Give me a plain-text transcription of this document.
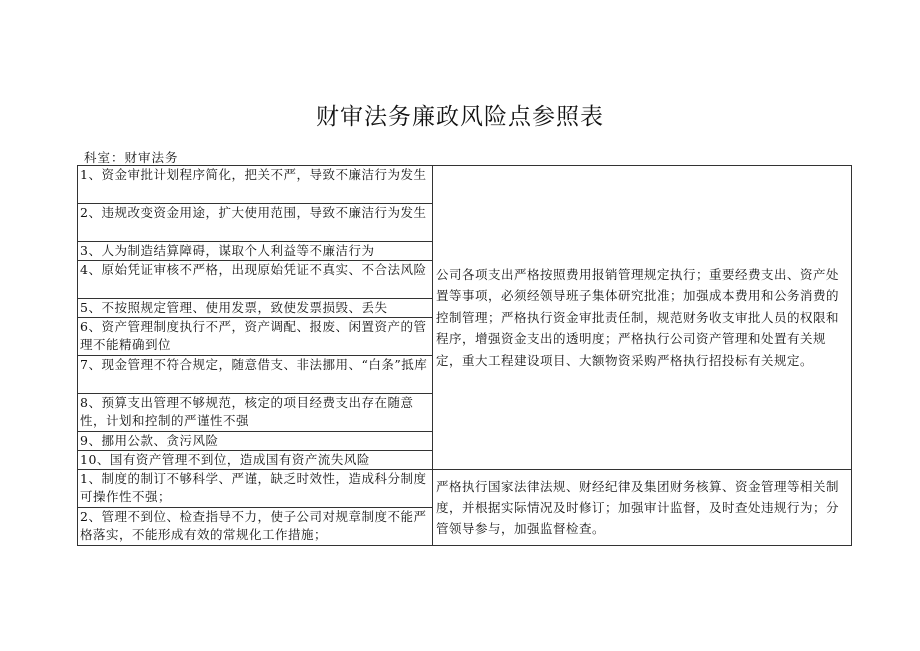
财审法务廉政风险点参照表
科室：财审法务
1、资金审批计划程序简化，把关不严，导致不廉洁行为发生	公司各项支出严格按照费用报销管理规定执行；重要经费支出、资产处置等事项，必须经领导班子集体研究批准；加强成本费用和公务消费的控制管理；严格执行资金审批责任制，规范财务收支审批人员的权限和程序，增强资金支出的透明度；严格执行公司资产管理和处置有关规定，重大工程建设项目、大额物资采购严格执行招投标有关规定。
2、违规改变资金用途，扩大使用范围，导致不廉洁行为发生	
3、人为制造结算障碍，谋取个人利益等不廉洁行为	
4、原始凭证审核不严格，出现原始凭证不真实、不合法风险	
5、不按照规定管理、使用发票，致使发票损毁、丢失	
6、资产管理制度执行不严，资产调配、报废、闲置资产的管理不能精确到位	
7、现金管理不符合规定，随意借支、非法挪用、“白条”抵库	
8、预算支出管理不够规范，核定的项目经费支出存在随意性，计划和控制的严谨性不强	
9、挪用公款、贪污风险	
10、国有资产管理不到位，造成国有资产流失风险	
1、制度的制订不够科学、严谨，缺乏时效性，造成科分制度可操作性不强；	严格执行国家法律法规、财经纪律及集团财务核算、资金管理等相关制度，并根据实际情况及时修订；加强审计监督，及时查处违规行为；分管领导参与，加强监督检查。
2、管理不到位、检查指导不力，使子公司对规章制度不能严格落实，不能形成有效的常规化工作措施；	
